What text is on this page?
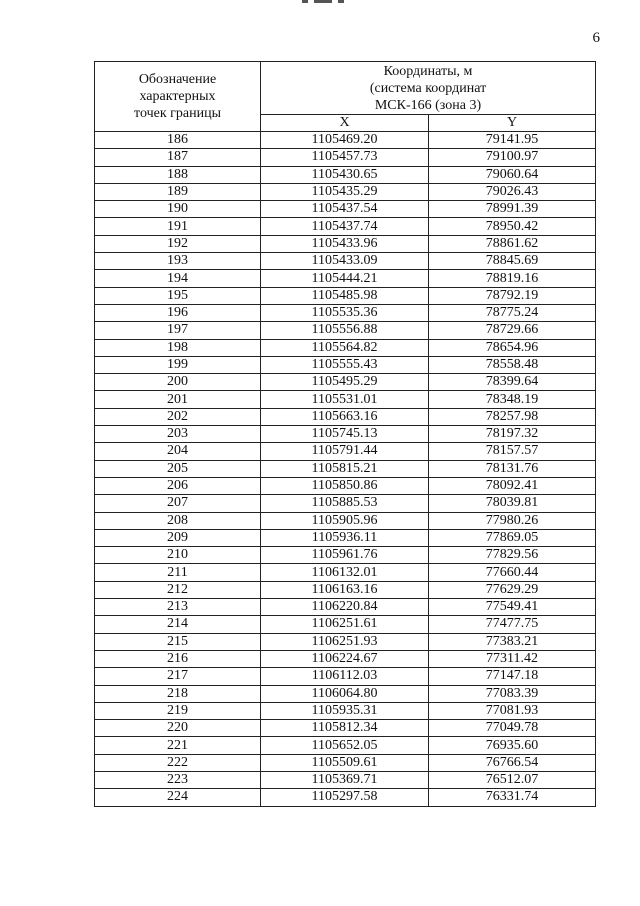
6
Обозначение
характерных
точек границы	Координаты, м
(система координат
МСК-166 (зона 3)	

	X	Y
186	1105469.20	79141.95
187	1105457.73	79100.97
188	1105430.65	79060.64
189	1105435.29	79026.43
190	1105437.54	78991.39
191	1105437.74	78950.42
192	1105433.96	78861.62
193	1105433.09	78845.69
194	1105444.21	78819.16
195	1105485.98	78792.19
196	1105535.36	78775.24
197	1105556.88	78729.66
198	1105564.82	78654.96
199	1105555.43	78558.48
200	1105495.29	78399.64
201	1105531.01	78348.19
202	1105663.16	78257.98
203	1105745.13	78197.32
204	1105791.44	78157.57
205	1105815.21	78131.76
206	1105850.86	78092.41
207	1105885.53	78039.81
208	1105905.96	77980.26
209	1105936.11	77869.05
210	1105961.76	77829.56
211	1106132.01	77660.44
212	1106163.16	77629.29
213	1106220.84	77549.41
214	1106251.61	77477.75
215	1106251.93	77383.21
216	1106224.67	77311.42
217	1106112.03	77147.18
218	1106064.80	77083.39
219	1105935.31	77081.93
220	1105812.34	77049.78
221	1105652.05	76935.60
222	1105509.61	76766.54
223	1105369.71	76512.07
224	1105297.58	76331.74
